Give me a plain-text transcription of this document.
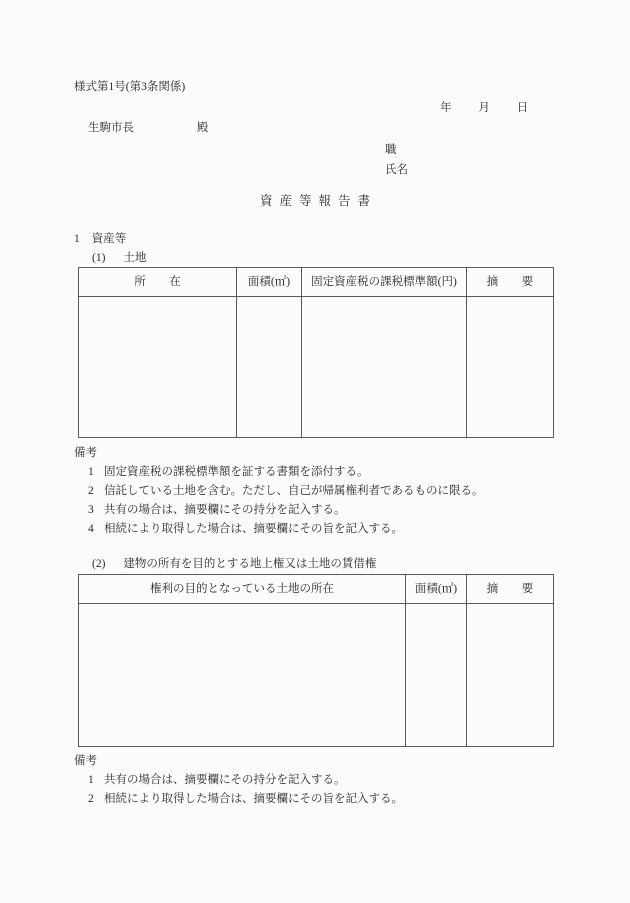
様式第1号(第3条関係)
年 月 日
生駒市長	殿
職
氏名
資産等報告書
1 資産等
(1) 土地
所　在	面積(㎡)	固定資産税の課税標準額(円)	摘　要

備考

1 固定資産税の課税標準額を証する書類を添付する。
2 信託している土地を含む。ただし、自己が帰属権利者であるものに限る。
3 共有の場合は、摘要欄にその持分を記入する。
4 相続により取得した場合は、摘要欄にその旨を記入する。
(2) 建物の所有を目的とする地上権又は土地の賃借権
権利の目的となっている土地の所在	面積(㎡)	摘　要

備考

1 共有の場合は、摘要欄にその持分を記入する。
2 相続により取得した場合は、摘要欄にその旨を記入する。
